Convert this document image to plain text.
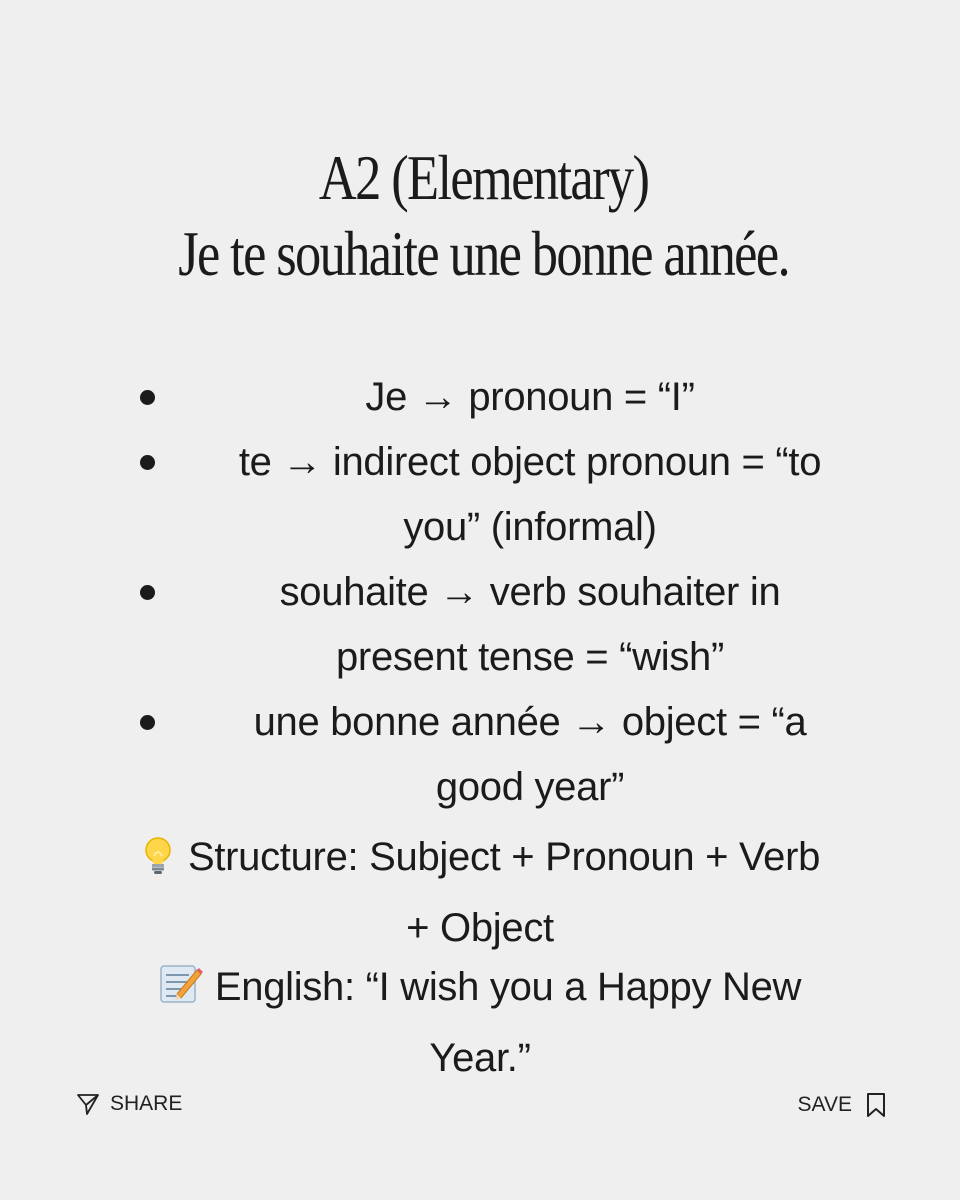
A2 (Elementary)
Je te souhaite une bonne année.
Je → pronoun = “I”
te → indirect object pronoun = “to
you” (informal)
souhaite → verb souhaiter in
present tense = “wish”
une bonne année → object = “a
good year”
Structure: Subject + Pronoun + Verb
+ Object
English: “I wish you a Happy New
Year.”
SHARE	SAVE
